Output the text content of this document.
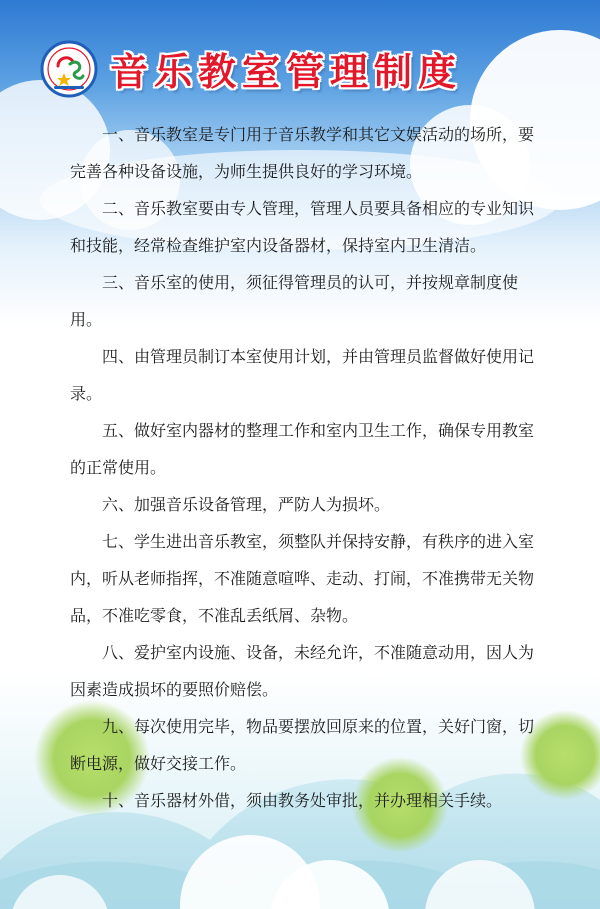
音乐教室管理制度
一、音乐教室是专门用于音乐教学和其它文娱活动的场所，要完善各种设备设施，为师生提供良好的学习环境。
二、音乐教室要由专人管理，管理人员要具备相应的专业知识和技能，经常检查维护室内设备器材，保持室内卫生清洁。
三、音乐室的使用，须征得管理员的认可，并按规章制度使用。
四、由管理员制订本室使用计划，并由管理员监督做好使用记录。
五、做好室内器材的整理工作和室内卫生工作，确保专用教室的正常使用。
六、加强音乐设备管理，严防人为损坏。
七、学生进出音乐教室，须整队并保持安静，有秩序的进入室内，听从老师指挥，不准随意喧哗、走动、打闹，不准携带无关物品，不准吃零食，不准乱丢纸屑、杂物。
八、爱护室内设施、设备，未经允许，不准随意动用，因人为因素造成损坏的要照价赔偿。
九、每次使用完毕，物品要摆放回原来的位置，关好门窗，切断电源，做好交接工作。
十、音乐器材外借，须由教务处审批，并办理相关手续。
